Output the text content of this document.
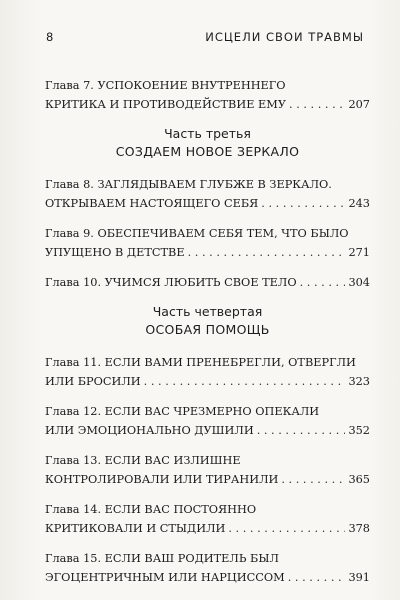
8	ИСЦЕЛИ СВОИ ТРАВМЫ
Глава 7. УСПОКОЕНИЕ ВНУТРЕННЕГО
КРИТИКА И ПРОТИВОДЕЙСТВИЕ ЕМУ . . .	207
Часть третья
СОЗДАЕМ НОВОЕ ЗЕРКАЛО
Глава 8. ЗАГЛЯДЫВАЕМ ГЛУБЖЕ В ЗЕРКАЛО.
ОТКРЫВАЕМ НАСТОЯЩЕГО СЕБЯ . . .	243
Глава 9. ОБЕСПЕЧИВАЕМ СЕБЯ ТЕМ, ЧТО БЫЛО
УПУЩЕНО В ДЕТСТВЕ . . .	271
Глава 10. УЧИМСЯ ЛЮБИТЬ СВОЕ ТЕЛО . . .	304
Часть четвертая
ОСОБАЯ ПОМОЩЬ
Глава 11. ЕСЛИ ВАМИ ПРЕНЕБРЕГЛИ, ОТВЕРГЛИ
ИЛИ БРОСИЛИ . . .	323
Глава 12. ЕСЛИ ВАС ЧРЕЗМЕРНО ОПЕКАЛИ
ИЛИ ЭМОЦИОНАЛЬНО ДУШИЛИ . . .	352
Глава 13. ЕСЛИ ВАС ИЗЛИШНЕ
КОНТРОЛИРОВАЛИ ИЛИ ТИРАНИЛИ . . .	365
Глава 14. ЕСЛИ ВАС ПОСТОЯННО
КРИТИКОВАЛИ И СТЫДИЛИ . . .	378
Глава 15. ЕСЛИ ВАШ РОДИТЕЛЬ БЫЛ
ЭГОЦЕНТРИЧНЫМ ИЛИ НАРЦИССОМ . . .	391
